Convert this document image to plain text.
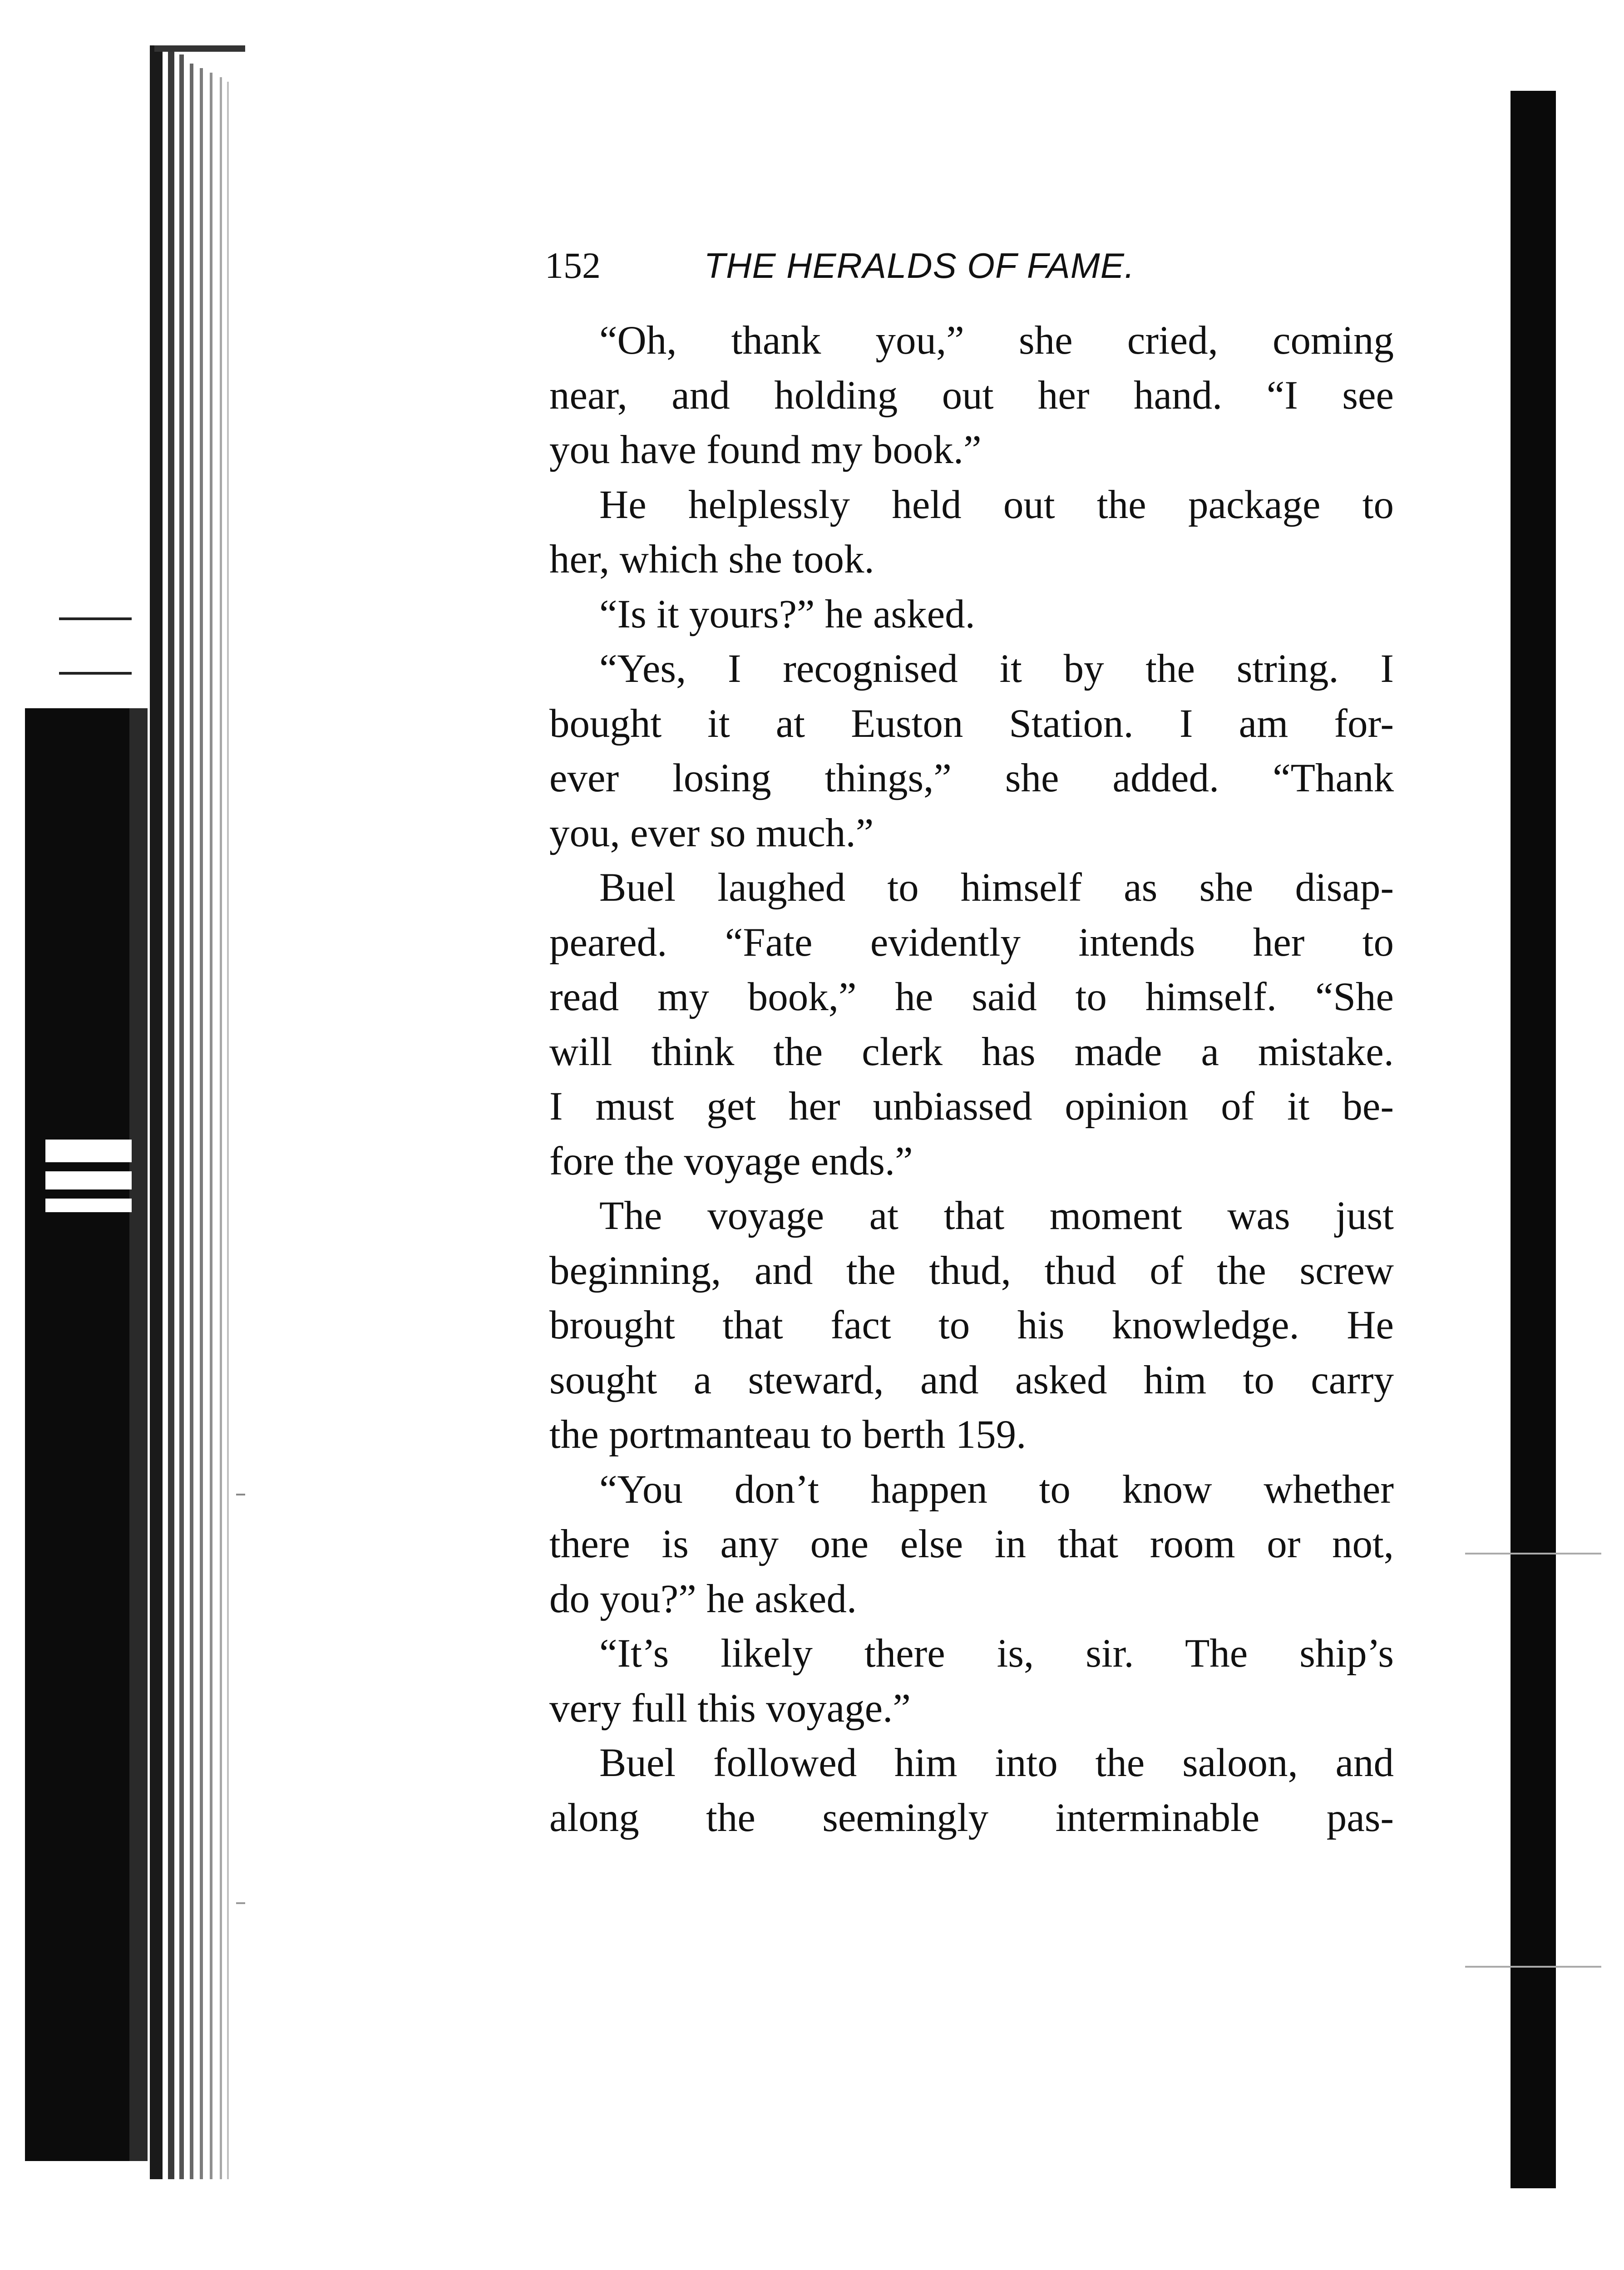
152	THE HERALDS OF FAME.
“Oh, thank you,” she cried, coming
near, and holding out her hand. “I see
you have found my book.”
He helplessly held out the package to
her, which she took.
“Is it yours?” he asked.
“Yes, I recognised it by the string. I
bought it at Euston Station. I am for-
ever losing things,” she added. “Thank
you, ever so much.”
Buel laughed to himself as she disap-
peared. “Fate evidently intends her to
read my book,” he said to himself. “She
will think the clerk has made a mistake.
I must get her unbiassed opinion of it be-
fore the voyage ends.”
The voyage at that moment was just
beginning, and the thud, thud of the screw
brought that fact to his knowledge. He
sought a steward, and asked him to carry
the portmanteau to berth 159.
“You don’t happen to know whether
there is any one else in that room or not,
do you?” he asked.
“It’s likely there is, sir. The ship’s
very full this voyage.”
Buel followed him into the saloon, and
along the seemingly interminable pas-
